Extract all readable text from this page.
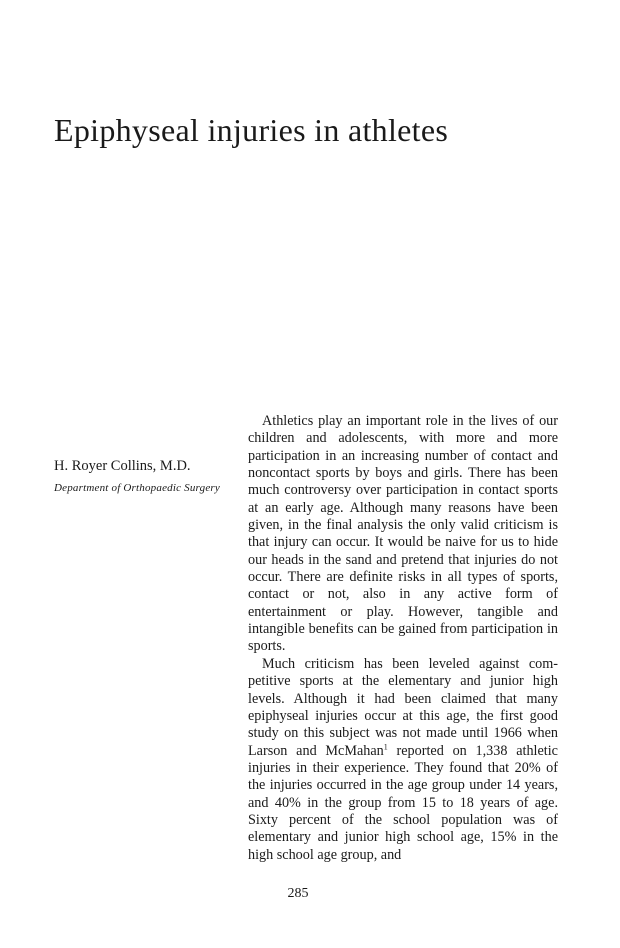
Epiphyseal injuries in athletes
H. Royer Collins, M.D.
Department of Orthopaedic Surgery

Athletics play an important role in the lives of our children and adolescents, with more and more participation in an increasing number of contact and noncontact sports by boys and girls. There has been much controversy over participation in contact sports at an early age. Although many reasons have been given, in the final analysis the only valid criticism is that injury can occur. It would be naive for us to hide our heads in the sand and pretend that injuries do not occur. There are definite risks in all types of sports, contact or not, also in any active form of entertainment or play. However, tangible and intangible benefits can be gained from participation in sports.

Much criticism has been leveled against competitive sports at the elementary and junior high levels. Although it had been claimed that many epiphyseal injuries occur at this age, the first good study on this subject was not made until 1966 when Larson and McMahan$^1$ reported on 1,338 athletic injuries in their experience. They found that 20% of the injuries occurred in the age group under 14 years, and 40% in the group from 15 to 18 years of age. Sixty percent of the school population was of elementary and junior high school age, 15% in the high school age group, and

285
